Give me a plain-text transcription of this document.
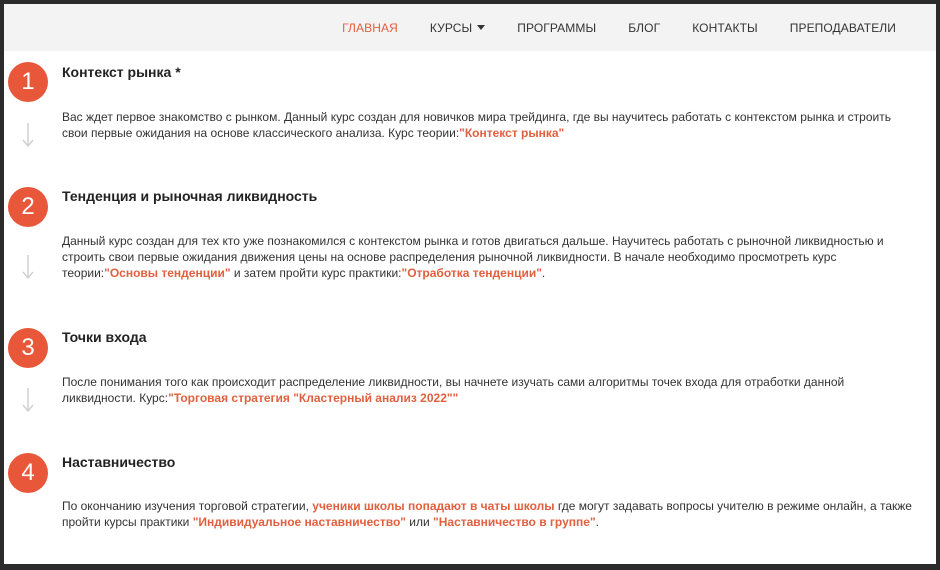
ГЛАВНАЯ	КУРСЫ	ПРОГРАММЫ	БЛОГ	КОНТАКТЫ	ПРЕПОДАВАТЕЛИ
1	Контекст рынка *
Вас ждет первое знакомство с рынком. Данный курс создан для новичков мира трейдинга, где вы научитесь работать с контекстом рынка и строить свои первые ожидания на основе классического анализа. Курс теории:"Контекст рынка"
2	Тенденция и рыночная ликвидность
Данный курс создан для тех кто уже познакомился с контекстом рынка и готов двигаться дальше. Научитесь работать с рыночной ликвидностью и строить свои первые ожидания движения цены на основе распределения рыночной ликвидности. В начале необходимо просмотреть курс теории:"Основы тенденции" и затем пройти курс практики:"Отработка тенденции".
3	Точки входа
После понимания того как происходит распределение ликвидности, вы начнете изучать сами алгоритмы точек входа для отработки данной ликвидности. Курс:"Торговая стратегия "Кластерный анализ 2022""
4	Наставничество
По окончанию изучения торговой стратегии, ученики школы попадают в чаты школы где могут задавать вопросы учителю в режиме онлайн, а также пройти курсы практики "Индивидуальное наставничество" или "Наставничество в группе".
